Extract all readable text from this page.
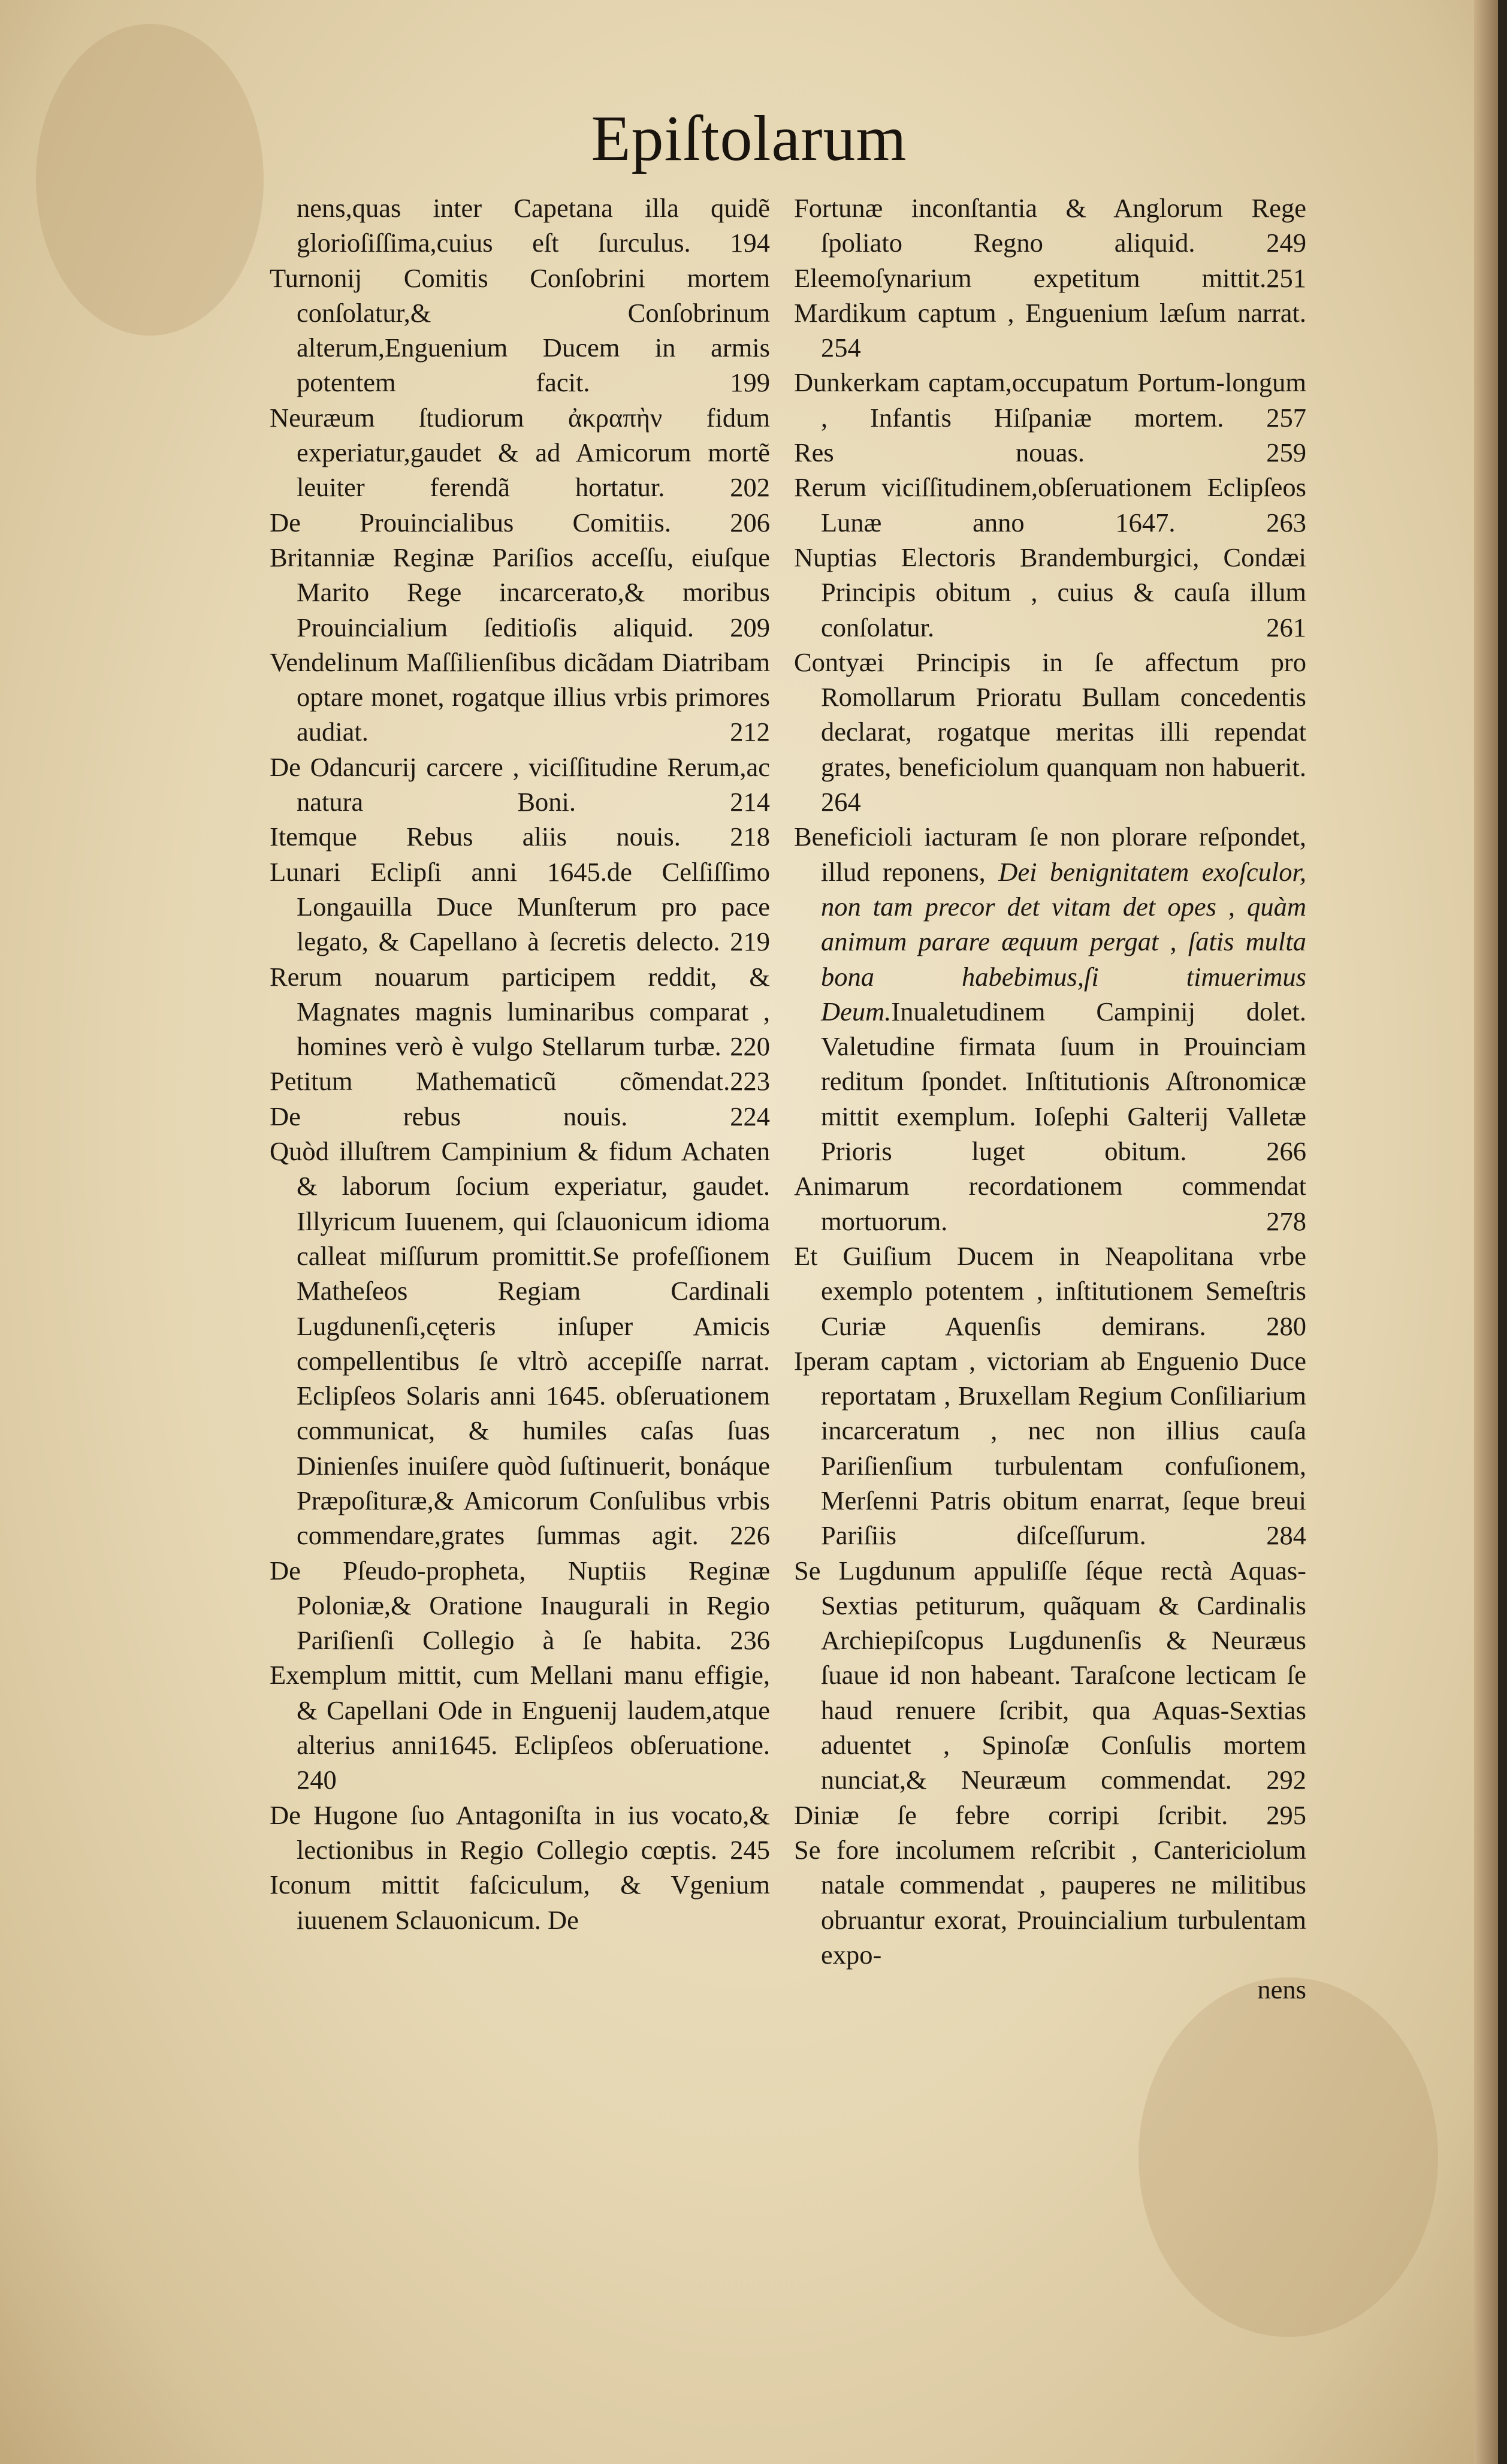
Epiſtolarum
nens,quas inter Capetana illa quidẽ glorioſiſſima,cuius eſt ſurculus. 194
Turnonij Comitis Conſobrini mortem conſolatur,& Conſobrinum alterum,Enguenium Ducem in armis potentem facit. 199
Neuræum ſtudiorum ἀκραπὴν fidum experiatur,gaudet & ad Amicorum mortẽ leuiter ferendã hortatur. 202
De Prouincialibus Comitiis. 206
Britanniæ Reginæ Pariſios acceſſu, eiuſque Marito Rege incarcerato,& moribus Prouincialium ſeditioſis aliquid. 209
Vendelinum Maſſilienſibus dicãdam Diatribam optare monet, rogatque illius vrbis primores audiat. 212
De Odancurij carcere , viciſſitudine Rerum,ac natura Boni. 214
Itemque Rebus aliis nouis. 218
Lunari Eclipſi anni 1645.de Celſiſſimo Longauilla Duce Munſterum pro pace legato, & Capellano à ſecretis delecto. 219
Rerum nouarum participem reddit, & Magnates magnis luminaribus comparat , homines verò è vulgo Stellarum turbæ. 220
Petitum Mathematicũ cõmendat.223
De rebus nouis. 224
Quòd illuſtrem Campinium & fidum Achaten & laborum ſocium experiatur, gaudet. Illyricum Iuuenem, qui ſclauonicum idioma calleat miſſurum promittit.Se profeſſionem Matheſeos Regiam Cardinali Lugdunenſi,cęteris inſuper Amicis compellentibus ſe vltrò accepiſſe narrat. Eclipſeos Solaris anni 1645. obſeruationem communicat, & humiles caſas ſuas Dinienſes inuiſere quòd ſuſtinuerit, bonáque Præpoſituræ,& Amicorum Conſulibus vrbis commendare,grates ſummas agit. 226
De Pſeudo-propheta, Nuptiis Reginæ Poloniæ,& Oratione Inaugurali in Regio Pariſienſi Collegio à ſe habita. 236
Exemplum mittit, cum Mellani manu effigie, & Capellani Ode in Enguenij laudem,atque alterius anni1645. Eclipſeos obſeruatione. 240
De Hugone ſuo Antagoniſta in ius vocato,& lectionibus in Regio Collegio cœptis. 245
Iconum mittit faſciculum, & Vgenium iuuenem Sclauonicum. De
Fortunæ inconſtantia & Anglorum Rege ſpoliato Regno aliquid. 249
Eleemoſynarium expetitum mittit.251
Mardikum captum , Enguenium læſum narrat. 254
Dunkerkam captam,occupatum Portum-longum , Infantis Hiſpaniæ mortem. 257
Res nouas. 259
Rerum viciſſitudinem,obſeruationem Eclipſeos Lunæ anno 1647. 263
Nuptias Electoris Brandemburgici, Condæi Principis obitum , cuius & cauſa illum conſolatur. 261
Contyæi Principis in ſe affectum pro Romollarum Prioratu Bullam concedentis declarat, rogatque meritas illi rependat grates, beneficiolum quanquam non habuerit. 264
Beneficioli iacturam ſe non plorare reſpondet, illud reponens, Dei benignitatem exoſculor, non tam precor det vitam det opes , quàm animum parare æquum pergat , ſatis multa bona habebimus,ſi timuerimus Deum.Inualetudinem Campinij dolet. Valetudine firmata ſuum in Prouinciam reditum ſpondet. Inſtitutionis Aſtronomicæ mittit exemplum. Ioſephi Galterij Valletæ Prioris luget obitum. 266
Animarum recordationem commendat mortuorum. 278
Et Guiſium Ducem in Neapolitana vrbe exemplo potentem , inſtitutionem Semeſtris Curiæ Aquenſis demirans. 280
Iperam captam , victoriam ab Enguenio Duce reportatam , Bruxellam Regium Conſiliarium incarceratum , nec non illius cauſa Pariſienſium turbulentam confuſionem, Merſenni Patris obitum enarrat, ſeque breui Pariſiis diſceſſurum. 284
Se Lugdunum appuliſſe ſéque rectà Aquas-Sextias petiturum, quãquam & Cardinalis Archiepiſcopus Lugdunenſis & Neuræus ſuaue id non habeant. Taraſcone lecticam ſe haud renuere ſcribit, qua Aquas-Sextias aduentet , Spinoſæ Conſulis mortem nunciat,& Neuræum commendat. 292
Diniæ ſe febre corripi ſcribit. 295
Se fore incolumem reſcribit , Cantericiolum natale commendat , pauperes ne militibus obruantur exorat, Prouincialium turbulentam expo-
nens
